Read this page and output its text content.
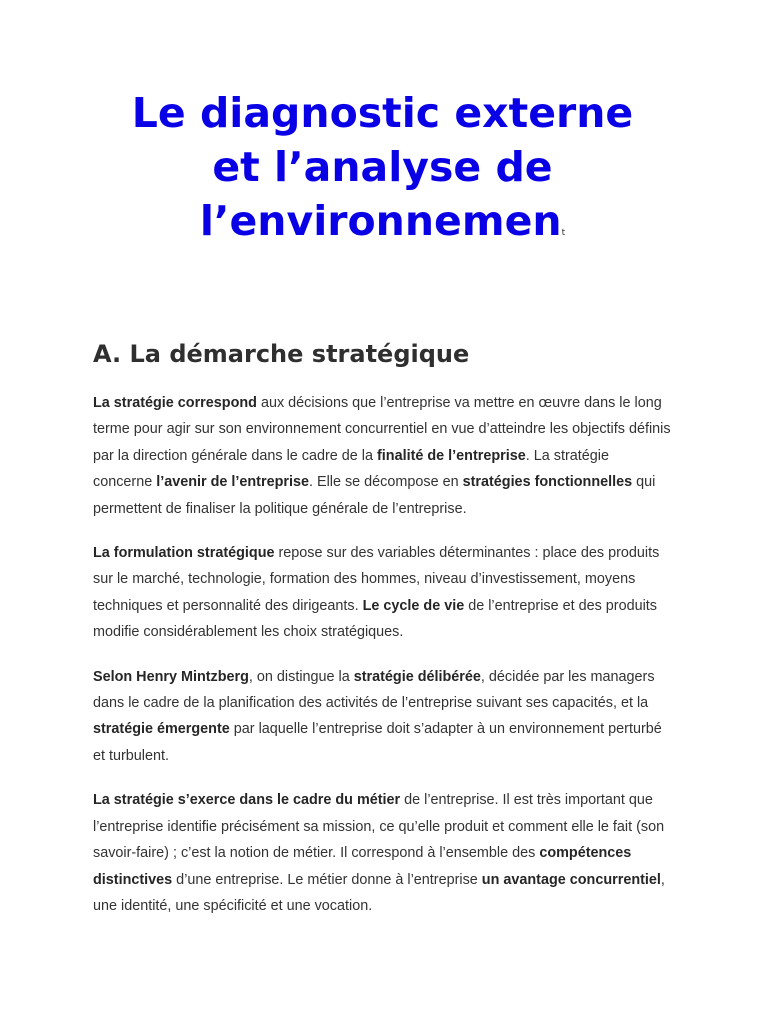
Le diagnostic externe
et l’analyse de
l’environnement
A. La démarche stratégique

La stratégie correspond aux décisions que l’entreprise va mettre en œuvre dans le long terme pour agir sur son environnement concurrentiel en vue d’atteindre les objectifs définis par la direction générale dans le cadre de la finalité de l’entreprise. La stratégie concerne l’avenir de l’entreprise. Elle se décompose en stratégies fonctionnelles qui permettent de finaliser la politique générale de l’entreprise.

La formulation stratégique repose sur des variables déterminantes : place des produits sur le marché, technologie, formation des hommes, niveau d’investissement, moyens techniques et personnalité des dirigeants. Le cycle de vie de l’entreprise et des produits modifie considérablement les choix stratégiques.

Selon Henry Mintzberg, on distingue la stratégie délibérée, décidée par les managers dans le cadre de la planification des activités de l’entreprise suivant ses capacités, et la stratégie émergente par laquelle l’entreprise doit s’adapter à un environnement perturbé et turbulent.

La stratégie s’exerce dans le cadre du métier de l’entreprise. Il est très important que l’entreprise identifie précisément sa mission, ce qu’elle produit et comment elle le fait (son savoir-faire) ; c’est la notion de métier. Il correspond à l’ensemble des compétences distinctives d’une entreprise. Le métier donne à l’entreprise un avantage concurrentiel, une identité, une spécificité et une vocation.
